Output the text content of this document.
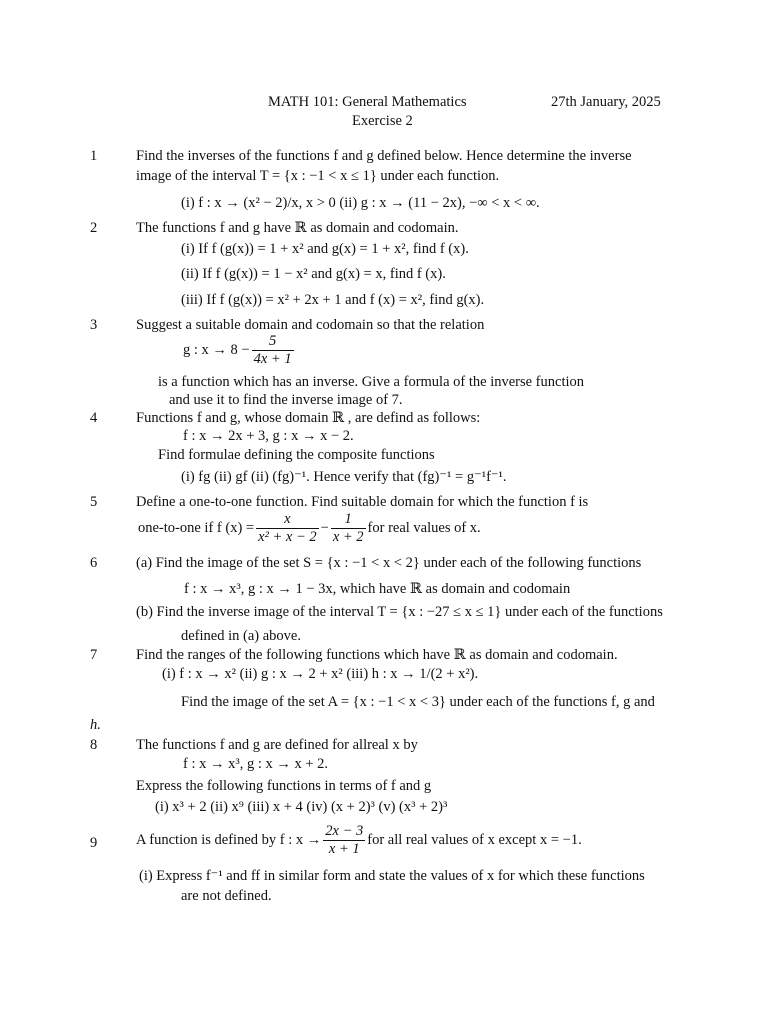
MATH 101: General Mathematics	27th January, 2025
Exercise 2
1	Find the inverses of the functions f and g defined below. Hence determine the inverse
image of the interval T = {x : −1 < x ≤ 1} under each function.
(i) f : x → (x² − 2)/x, x > 0 (ii) g : x → (11 − 2x), −∞ < x < ∞.
2	The functions f and g have ℝ as domain and codomain.
(i) If f (g(x)) = 1 + x² and g(x) = 1 + x², find f (x).
(ii) If f (g(x)) = 1 − x² and g(x) = x, find f (x).
(iii) If f (g(x)) = x² + 2x + 1 and f (x) = x², find g(x).
3	Suggest a suitable domain and codomain so that the relation
g : $x \to 8 - \frac{5}{4x + 1}$
is a function which has an inverse. Give a formula of the inverse function
and use it to find the inverse image of 7.
4	Functions f and g, whose domain ℝ , are defind as follows:
f : x → 2x + 3, g : x → x − 2.
Find formulae defining the composite functions
(i) fg (ii) gf (ii) (fg)⁻¹. Hence verify that (fg)⁻¹ = g⁻¹f⁻¹.
5	Define a one-to-one function. Find suitable domain for which the function f is
one-to-one if f $(x) = \frac{x}{\text{x² + x − 2}} - \frac{1}{x + 2}$ for real values of x.
6	(a) Find the image of the set S = {x : −1 < x < 2} under each of the following functions
f : x → x³, g : x → 1 − 3x, which have ℝ as domain and codomain
(b) Find the inverse image of the interval T = {x : −27 ≤ x ≤ 1} under each of the functions
defined in (a) above.
7	Find the ranges of the following functions which have ℝ as domain and codomain.
(i) f : x → x² (ii) g : x → 2 + x² (iii) h : x → 1/(2 + x²).
Find the image of the set A = {x : −1 < x < 3} under each of the functions f, g and
h.
8	The functions f and g are defined for allreal x by
f : x → x³, g : x → x + 2.
Express the following functions in terms of f and g
(i) x³ + 2 (ii) x⁹ (iii) x + 4 (iv) (x + 2)³ (v) (x³ + 2)³
9	A function is defined by f : $x \to \frac{2x - 3}{x + 1}$ for all real values of x except x = −1.
(i) Express f⁻¹ and ff in similar form and state the values of x for which these functions
are not defined.
